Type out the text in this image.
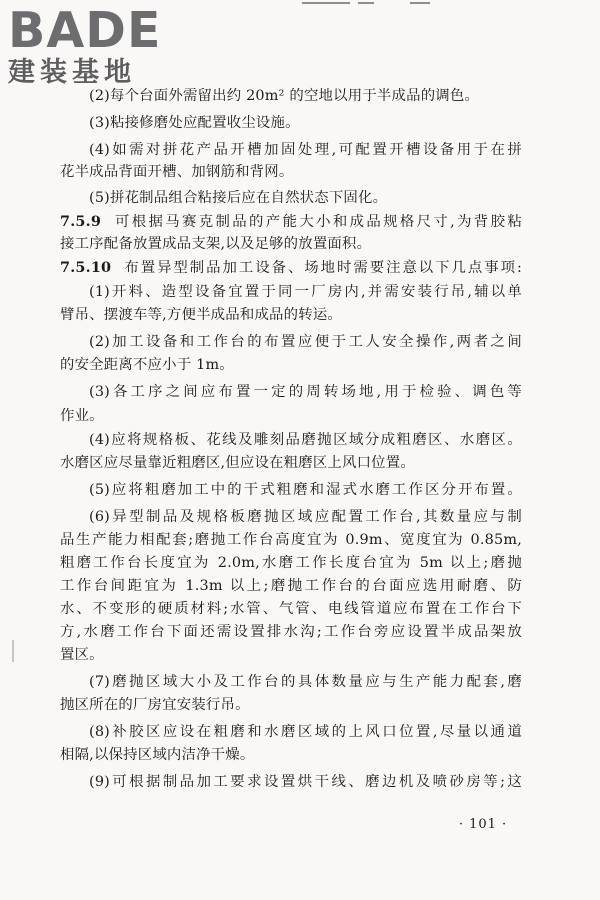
BADE
建装基地
(2)每个台面外需留出约 20m² 的空地以用于半成品的调色。
(3)粘接修磨处应配置收尘设施。
(4)如需对拼花产品开槽加固处理,可配置开槽设备用于在拼
花半成品背面开槽、加钢筋和背网。
(5)拼花制品组合粘接后应在自然状态下固化。
7.5.9  可根据马赛克制品的产能大小和成品规格尺寸,为背胶粘
接工序配备放置成品支架,以及足够的放置面积。
7.5.10  布置异型制品加工设备、场地时需要注意以下几点事项:
(1)开料、造型设备宜置于同一厂房内,并需安装行吊,辅以单
臂吊、摆渡车等,方便半成品和成品的转运。
(2)加工设备和工作台的布置应便于工人安全操作,两者之间
的安全距离不应小于 1m。
(3)各工序之间应布置一定的周转场地,用于检验、调色等
作业。
(4)应将规格板、花线及雕刻品磨抛区域分成粗磨区、水磨区。
水磨区应尽量靠近粗磨区,但应设在粗磨区上风口位置。
(5)应将粗磨加工中的干式粗磨和湿式水磨工作区分开布置。
(6)异型制品及规格板磨抛区域应配置工作台,其数量应与制
品生产能力相配套;磨抛工作台高度宜为 0.9m、宽度宜为 0.85m,
粗磨工作台长度宜为 2.0m,水磨工作长度台宜为 5m 以上;磨抛
工作台间距宜为 1.3m 以上;磨抛工作台的台面应选用耐磨、防
水、不变形的硬质材料;水管、气管、电线管道应布置在工作台下
方,水磨工作台下面还需设置排水沟;工作台旁应设置半成品架放
置区。
(7)磨抛区域大小及工作台的具体数量应与生产能力配套,磨
抛区所在的厂房宜安装行吊。
(8)补胶区应设在粗磨和水磨区域的上风口位置,尽量以通道
相隔,以保持区域内洁净干燥。
(9)可根据制品加工要求设置烘干线、磨边机及喷砂房等;这
· 101 ·
